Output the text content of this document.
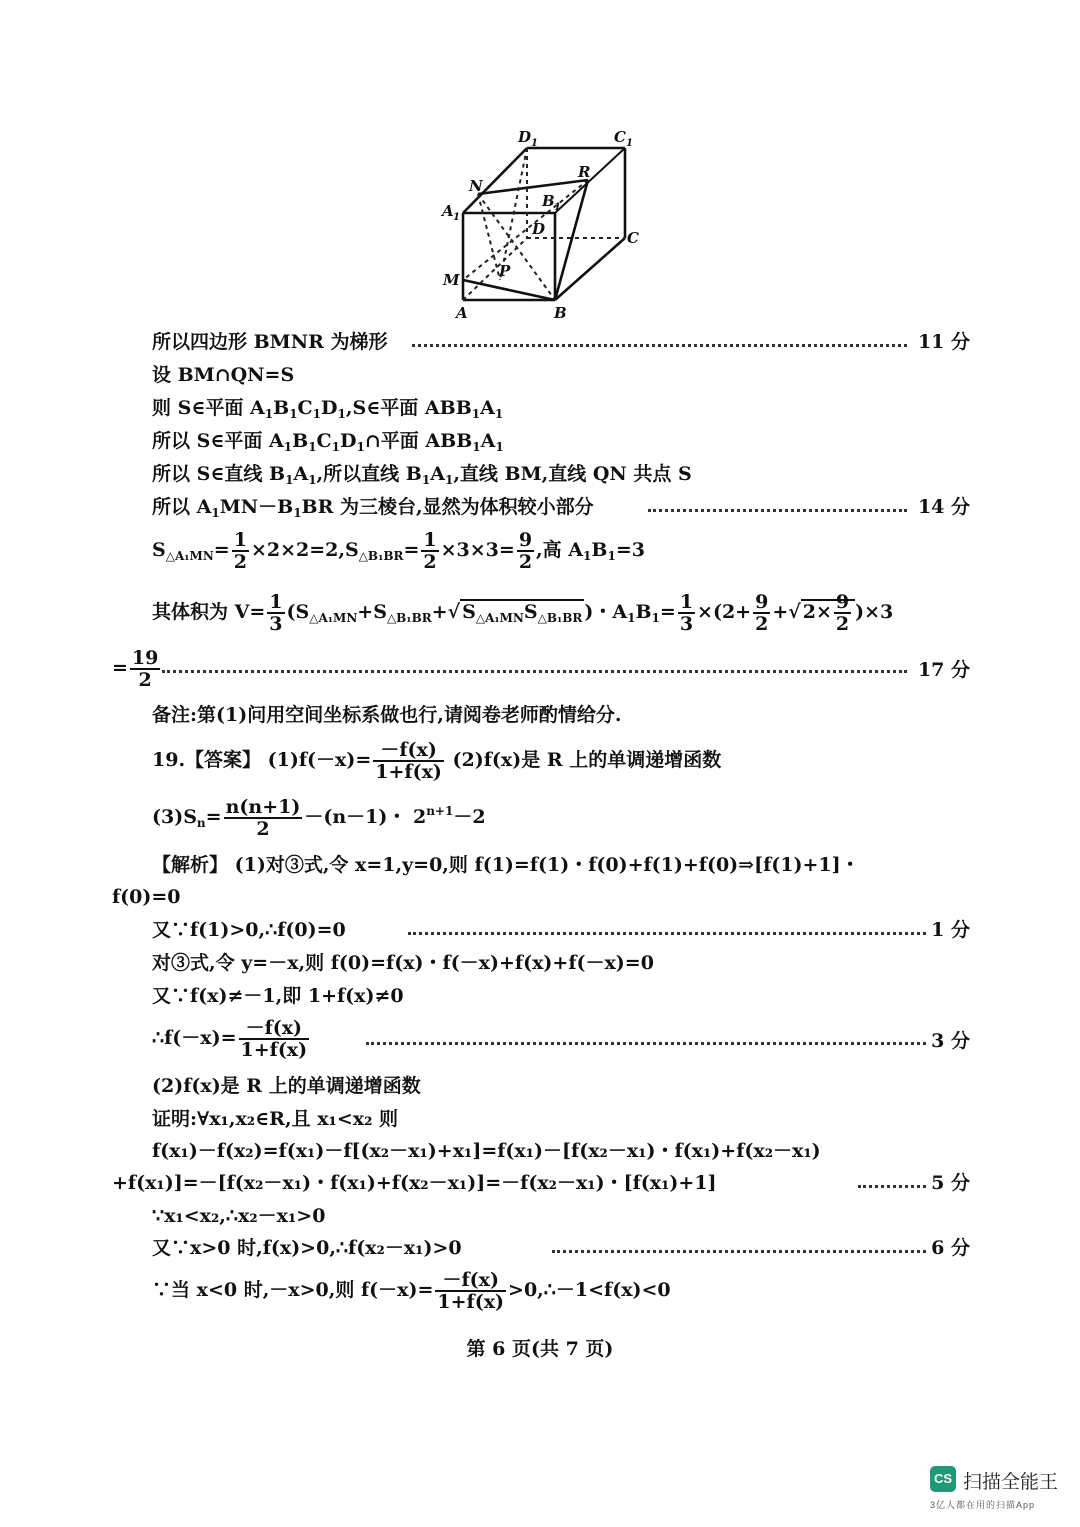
D 1	C 1
N
R
A 1
B 1
D	C
M	P
A	B
所以四边形 BMNR 为梯形	11 分
设 BM∩QN=S
则 S∈平面 $A_1B_1C_1D_1,S\in$平面 $ABB_1A_1$
所以 S∈平面 $A_1B_1C_1D_1\cap$平面 $ABB_1A_1$
所以 S∈直线 $B_1A_1$,所以直线 $B_1A_1$,直线 BM,直线 QN 共点 S
所以 $A_1MN-B_1BR$ 为三棱台,显然为体积较小部分	14 分
$S_{\triangle A_1MN}= \frac{1}{2} \times 2\times 2=2,S_{\triangle B_1BR}= \frac{1}{2} \times 3\times 3= \frac{9}{2}$ ,高 $A_1B_1=3$
其体积为 $V= \frac{1}{3} (S_{\triangle A_1MN}+S_{\triangle B_1BR}+√$ $S_{\triangle A_1MN}S_{\triangle B_1BR}$ )・$A_1B_1= \frac{1}{3} \times(2+ \frac{9}{2}$ +√ $2\times \frac{9}{2} )\times 3$
= $\frac{19}{2}$	17 分
备注:第(1)问用空间坐标系做也行,请阅卷老师酌情给分.
19.【答案】 $(1)f(-x)= \frac{-f(x)}{1+f(x)} (2)f(x)$是 R 上的单调递增函数
$(3)S_n= \frac{n(n+1)}{2} -(n-1)$・ $2^{n+1}-2$
【解析】 (1)对③式,令 x=1,y=0,则 f(1)=f(1)・f(0)+f(1)+f(0)⇒[f(1)+1]・
f(0)=0
又∵f(1)>0,∴f(0)=0	1 分
对③式,令 y=－x,则 f(0)=f(x)・f(－x)+f(x)+f(－x)=0
又∵f(x)≠－1,即 1+f(x)≠0
∴f(－x)= $\frac{-f(x)}{1+f(x)}$	3 分
(2)f(x)是 R 上的单调递增函数
证明:∀x₁,x₂∈R,且 x₁<x₂ 则
f(x₁)－f(x₂)=f(x₁)－f[(x₂－x₁)+x₁]=f(x₁)－[f(x₂－x₁)・f(x₁)+f(x₂－x₁)
+f(x₁)]=－[f(x₂－x₁)・f(x₁)+f(x₂－x₁)]=－f(x₂－x₁)・[f(x₁)+1]	5 分
∵x₁<x₂,∴x₂－x₁>0
又∵x>0 时,f(x)>0,∴f(x₂－x₁)>0	6 分
∵当 x<0 时,－x>0,则 $f(-x)= \frac{-f(x)}{1+f(x)}$ >0,∴－1<f(x)<0
第 6 页(共 7 页)
CS 扫描全能王
3亿人都在用的扫描App
